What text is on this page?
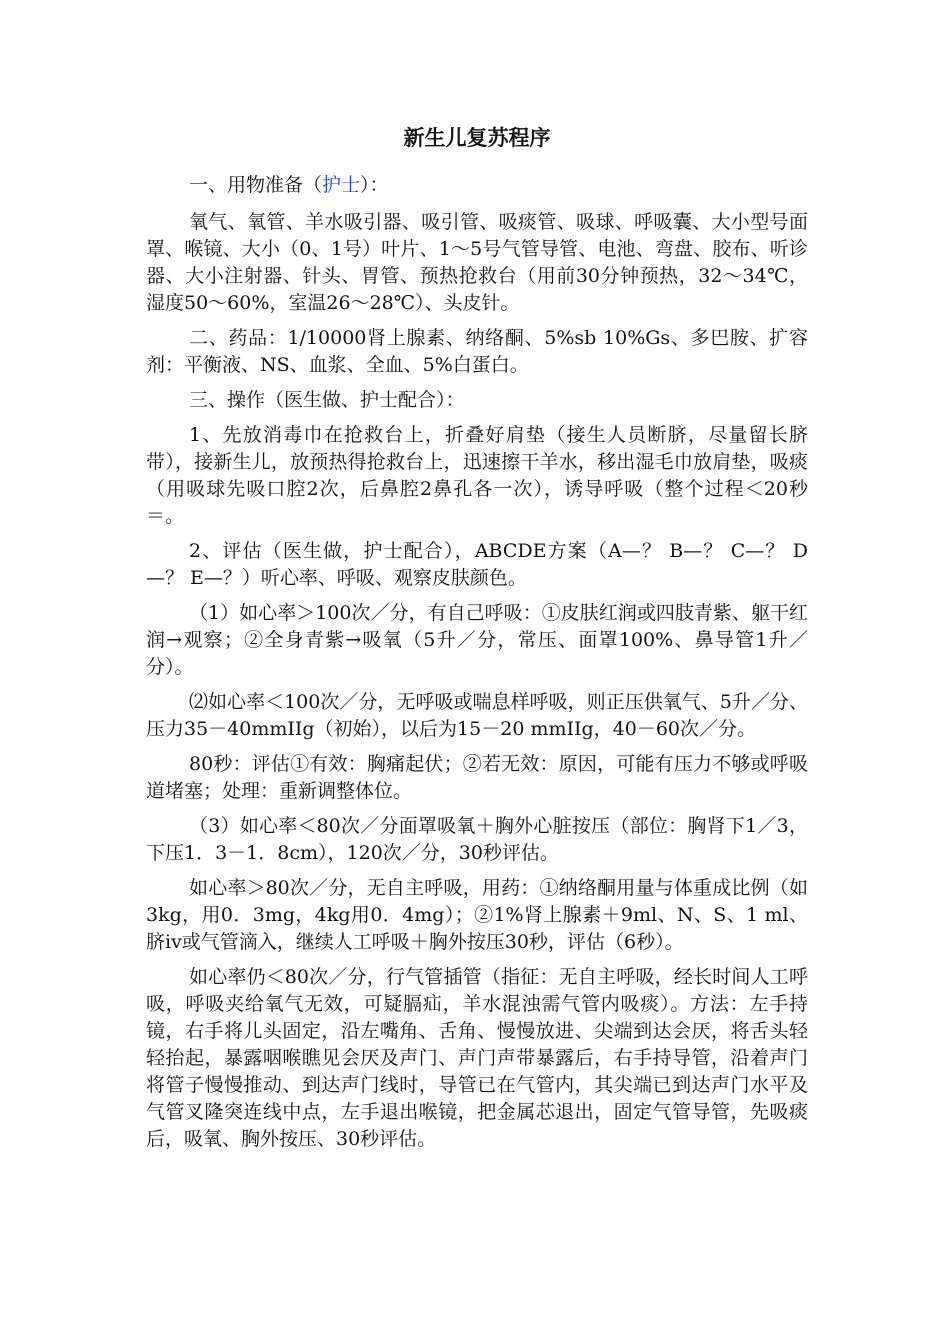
新生儿复苏程序

一、用物准备（护士）：

氧气、氧管、羊水吸引器、吸引管、吸痰管、吸球、呼吸囊、大小型号面罩、喉镜、大小（0、1号）叶片、1～5号气管导管、电池、弯盘、胶布、听诊器、大小注射器、针头、胃管、预热抢救台（用前30分钟预热，32～34℃，湿度50～60%，室温26～28℃）、头皮针。

二、药品：1/10000肾上腺素、纳络酮、5%sb 10%Gs、多巴胺、扩容剂：平衡液、NS、血浆、全血、5%白蛋白。

三、操作（医生做、护士配合）：

1、先放消毒巾在抢救台上，折叠好肩垫（接生人员断脐，尽量留长脐带），接新生儿，放预热得抢救台上，迅速擦干羊水，移出湿毛巾放肩垫，吸痰（用吸球先吸口腔2次，后鼻腔2鼻孔各一次），诱导呼吸（整个过程＜20秒＝。

2、评估（医生做，护士配合），ABCDE方案（A—？ B—？ C—？ D—？ E—？）听心率、呼吸、观察皮肤颜色。

（1）如心率＞100次／分，有自己呼吸：①皮肤红润或四肢青紫、躯干红润→观察；②全身青紫→吸氧（5升／分，常压、面罩100%、鼻导管1升／分）。

⑵如心率＜100次／分，无呼吸或喘息样呼吸，则正压供氧气、5升／分、压力35－40mmIIg（初始），以后为15－20 mmIIg，40－60次／分。

80秒：评估①有效：胸痛起伏；②若无效：原因，可能有压力不够或呼吸道堵塞；处理：重新调整体位。

（3）如心率＜80次／分面罩吸氧＋胸外心脏按压（部位：胸肾下1／3，下压1．3－1．8cm），120次／分，30秒评估。

如心率＞80次／分，无自主呼吸，用药：①纳络酮用量与体重成比例（如3kg，用0．3mg，4kg用0．4mg）；②1%肾上腺素＋9ml、N、S、1 ml、脐iv或气管滴入，继续人工呼吸＋胸外按压30秒，评估（6秒）。

如心率仍＜80次／分，行气管插管（指征：无自主呼吸，经长时间人工呼吸，呼吸夹给氧气无效，可疑膈疝，羊水混浊需气管内吸痰）。方法：左手持镜，右手将儿头固定，沿左嘴角、舌角、慢慢放进、尖端到达会厌，将舌头轻轻抬起，暴露咽喉瞧见会厌及声门、声门声带暴露后，右手持导管，沿着声门将管子慢慢推动、到达声门线时，导管已在气管内，其尖端已到达声门水平及气管叉隆突连线中点，左手退出喉镜，把金属芯退出，固定气管导管，先吸痰后，吸氧、胸外按压、30秒评估。
